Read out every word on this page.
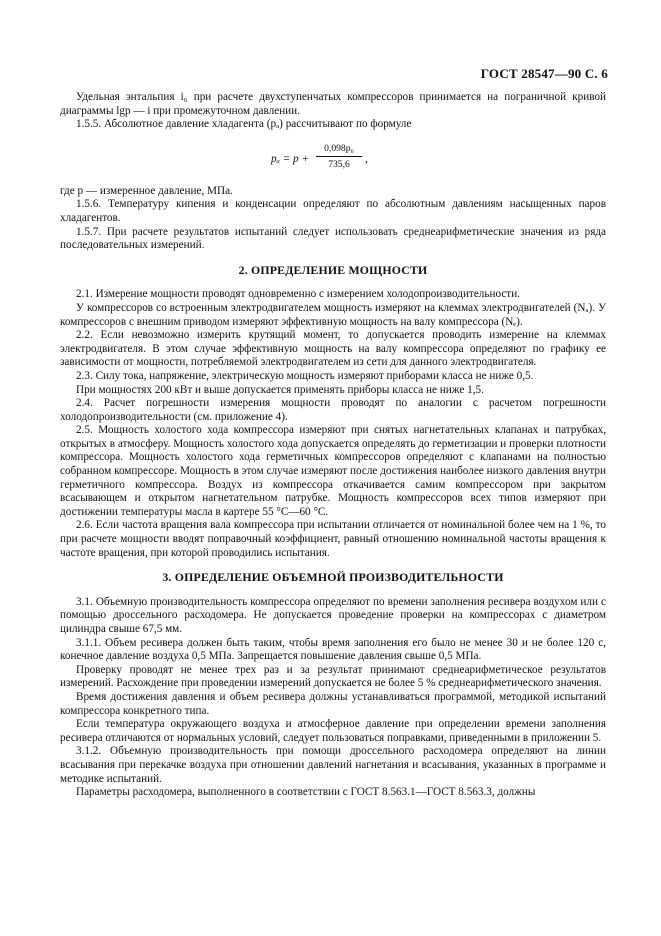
ГОСТ 28547—90 С. 6

Удельная энтальпия i₆ при расчете двухступенчатых компрессоров принимается на пограничной кривой диаграммы lgp — i при промежуточном давлении.

1.5.5. Абсолютное давление хладагента (pₐ) рассчитывают по формуле

pₐ = p +
0,098p₆
735,6
,

где p — измеренное давление, МПа.

1.5.6. Температуру кипения и конденсации определяют по абсолютным давлениям насыщенных паров хладагентов.

1.5.7. При расчете результатов испытаний следует использовать среднеарифметические значения из ряда последовательных измерений.

2. ОПРЕДЕЛЕНИЕ МОЩНОСТИ

2.1. Измерение мощности проводят одновременно с измерением холодопроизводительности.

У компрессоров со встроенным электродвигателем мощность измеряют на клеммах электродвигателей (Nₐ). У компрессоров с внешним приводом измеряют эффективную мощность на валу компрессора (Nₑ).

2.2. Если невозможно измерить крутящий момент, то допускается проводить измерение на клеммах электродвигателя. В этом случае эффективную мощность на валу компрессора определяют по графику ее зависимости от мощности, потребляемой электродвигателем из сети для данного электродвигателя.

2.3. Силу тока, напряжение, электрическую мощность измеряют приборами класса не ниже 0,5.

При мощностях 200 кВт и выше допускается применять приборы класса не ниже 1,5.

2.4. Расчет погрешности измерения мощности проводят по аналогии с расчетом погрешности холодопроизводительности (см. приложение 4).

2.5. Мощность холостого хода компрессора измеряют при снятых нагнетательных клапанах и патрубках, открытых в атмосферу. Мощность холостого хода допускается определять до герметизации и проверки плотности компрессора. Мощность холостого хода герметичных компрессоров определяют с клапанами на полностью собранном компрессоре. Мощность в этом случае измеряют после достижения наиболее низкого давления внутри герметичного компрессора. Воздух из компрессора откачивается самим компрессором при закрытом всасывающем и открытом нагнетательном патрубке. Мощность компрессоров всех типов измеряют при достижении температуры масла в картере 55 °С—60 °С.

2.6. Если частота вращения вала компрессора при испытании отличается от номинальной более чем на 1 %, то при расчете мощности вводят поправочный коэффициент, равный отношению номинальной частоты вращения к частоте вращения, при которой проводились испытания.

3. ОПРЕДЕЛЕНИЕ ОБЪЕМНОЙ ПРОИЗВОДИТЕЛЬНОСТИ

3.1. Объемную производительность компрессора определяют по времени заполнения ресивера воздухом или с помощью дроссельного расходомера. Не допускается проведение проверки на компрессорах с диаметром цилиндра свыше 67,5 мм.

3.1.1. Объем ресивера должен быть таким, чтобы время заполнения его было не менее 30 и не более 120 с, конечное давление воздуха 0,5 МПа. Запрещается повышение давления свыше 0,5 МПа.

Проверку проводят не менее трех раз и за результат принимают среднеарифметическое результатов измерений. Расхождение при проведении измерений допускается не более 5 % среднеарифметического значения.

Время достижения давления и объем ресивера должны устанавливаться программой, методикой испытаний компрессора конкретного типа.

Если температура окружающего воздуха и атмосферное давление при определении времени заполнения ресивера отличаются от нормальных условий, следует пользоваться поправками, приведенными в приложении 5.

3.1.2. Объемную производительность при помощи дроссельного расходомера определяют на линии всасывания при перекачке воздуха при отношении давлений нагнетания и всасывания, указанных в программе и методике испытаний.

Параметры расходомера, выполненного в соответствии с ГОСТ 8.563.1—ГОСТ 8.563.3, должны
